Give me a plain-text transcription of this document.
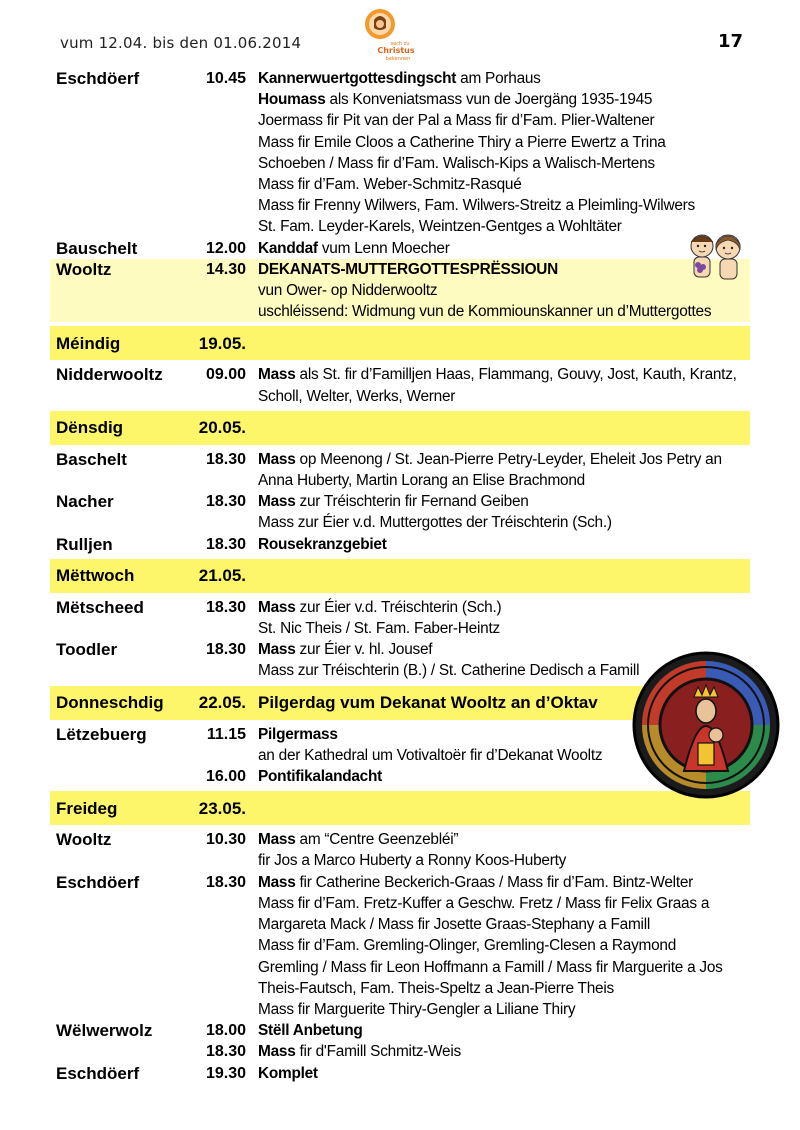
vum 12.04. bis den 01.06.2014	17
sech zu
Christus
bekennen
Eschdöerf	10.45 Kannerwuertgottesdingscht am Porhaus
Houmass als Konveniatsmass vun de Joergäng 1935-1945
Joermass fir Pit van der Pal a Mass fir d’Fam. Plier-Waltener
Mass fir Emile Cloos a Catherine Thiry a Pierre Ewertz a Trina
Schoeben / Mass fir d’Fam. Walisch-Kips a Walisch-Mertens
Mass fir d’Fam. Weber-Schmitz-Rasqué
Mass fir Frenny Wilwers, Fam. Wilwers-Streitz a Pleimling-Wilwers
St. Fam. Leyder-Karels, Weintzen-Gentges a Wohltäter
Bauschelt	12.00 Kanddaf vum Lenn Moecher
Wooltz	14.30 DEKANATS-MUTTERGOTTESPRËSSIOUN
vun Ower- op Nidderwooltz
uschléissend: Widmung vun de Kommiounskanner un d’Muttergottes
Méindig	19.05.
Nidderwooltz	09.00 Mass als St. fir d’Familljen Haas, Flammang, Gouvy, Jost, Kauth, Krantz,
Scholl, Welter, Werks, Werner
Dënsdig	20.05.
Baschelt	18.30 Mass op Meenong / St. Jean-Pierre Petry-Leyder, Eheleit Jos Petry an
Anna Huberty, Martin Lorang an Elise Brachmond
Nacher	18.30 Mass zur Tréischterin fir Fernand Geiben
Mass zur Éier v.d. Muttergottes der Tréischterin (Sch.)
Rulljen	18.30 Rousekranzgebiet
Mëttwoch	21.05.
Mëtscheed	18.30 Mass zur Éier v.d. Tréischterin (Sch.)
St. Nic Theis / St. Fam. Faber-Heintz
Toodler	18.30 Mass zur Éier v. hl. Jousef
Mass zur Tréischterin (B.) / St. Catherine Dedisch a Famill
Donneschdig	22.05. Pilgerdag vum Dekanat Wooltz an d’Oktav
Lëtzebuerg	11.15 Pilgermass
an der Kathedral um Votivaltoër fir d’Dekanat Wooltz
16.00 Pontifikalandacht
Freideg	23.05.
Wooltz	10.30 Mass am “Centre Geenzebléi”
fir Jos a Marco Huberty a Ronny Koos-Huberty
Eschdöerf	18.30 Mass fir Catherine Beckerich-Graas / Mass fir d’Fam. Bintz-Welter
Mass fir d’Fam. Fretz-Kuffer a Geschw. Fretz / Mass fir Felix Graas a
Margareta Mack / Mass fir Josette Graas-Stephany a Famill
Mass fir d’Fam. Gremling-Olinger, Gremling-Clesen a Raymond
Gremling / Mass fir Leon Hoffmann a Famill / Mass fir Marguerite a Jos
Theis-Fautsch, Fam. Theis-Speltz a Jean-Pierre Theis
Mass fir Marguerite Thiry-Gengler a Liliane Thiry
Wëlwerwolz	18.00 Stëll Anbetung
18.30 Mass fir d'Famill Schmitz-Weis
Eschdöerf	19.30 Komplet
